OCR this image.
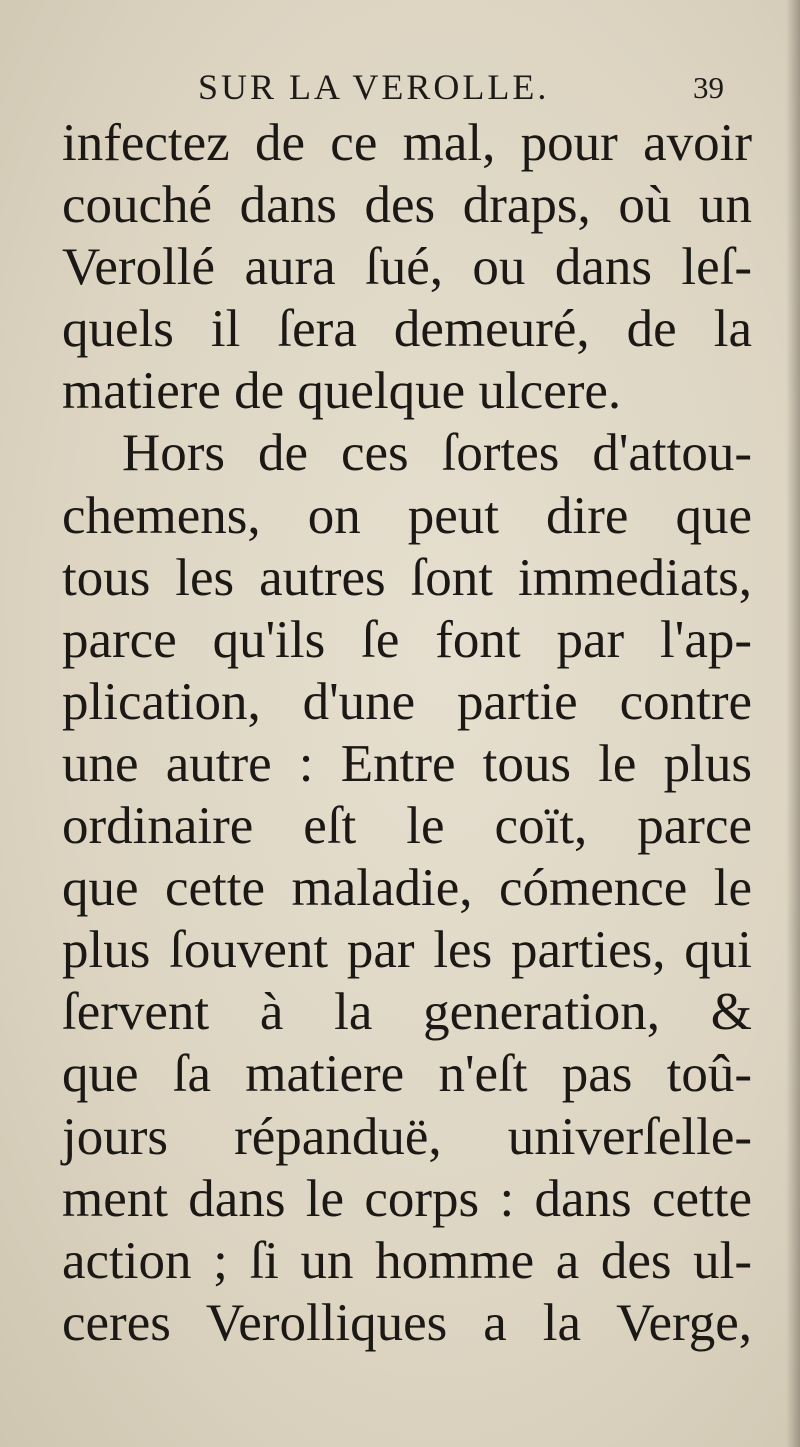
SUR LA VEROLLE.	39
infectez de ce mal, pour avoir
couché dans des draps, où un
Verollé aura ſué, ou dans leſ-
quels il ſera demeuré, de la
matiere de quelque ulcere.
Hors de ces ſortes d'attou-
chemens, on peut dire que
tous les autres ſont immediats,
parce qu'ils ſe font par l'ap-
plication, d'une partie contre
une autre : Entre tous le plus
ordinaire eſt le coït, parce
que cette maladie, cómence le
plus ſouvent par les parties, qui
ſervent à la generation, &
que ſa matiere n'eſt pas toû-
jours répanduë, univerſelle-
ment dans le corps : dans cette
action ; ſi un homme a des ul-
ceres Verolliques a la Verge,
